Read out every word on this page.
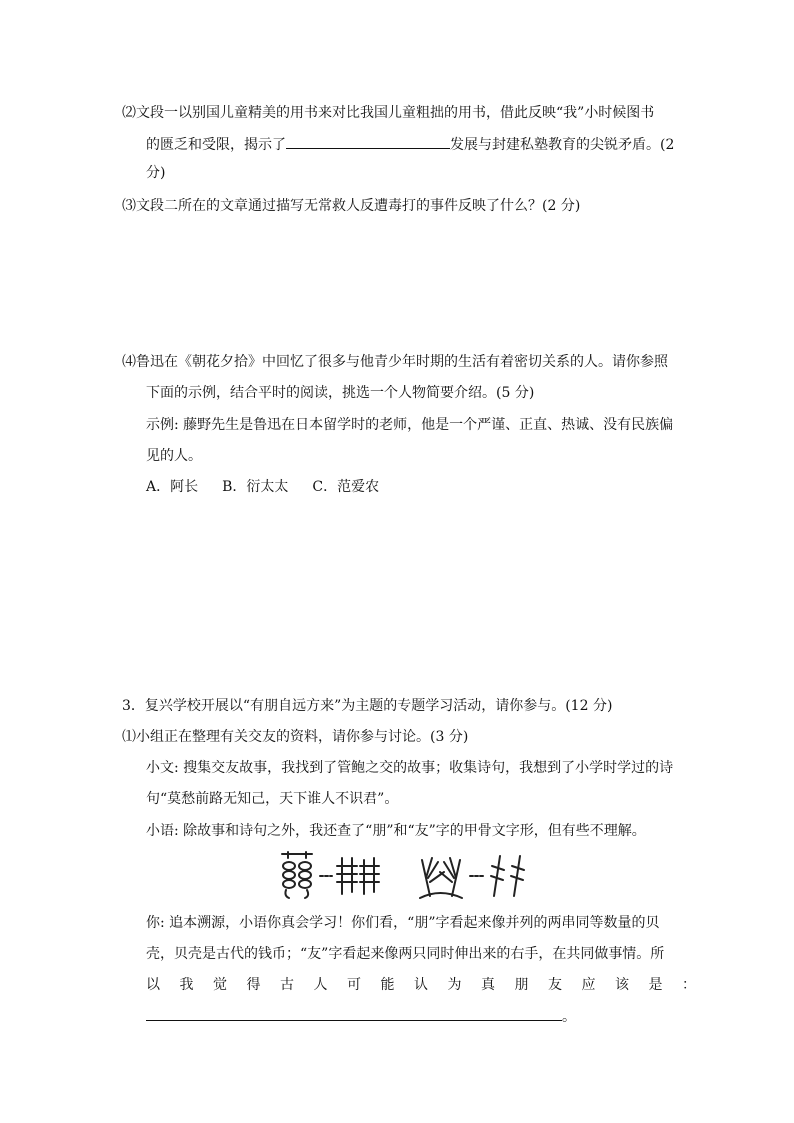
⑵文段一以别国儿童精美的用书来对比我国儿童粗拙的用书，借此反映“我”小时候图书
的匮乏和受限，揭示了	发展与封建私塾教育的尖锐矛盾。(2
分)
⑶文段二所在的文章通过描写无常救人反遭毒打的事件反映了什么？(2 分)
⑷鲁迅在《朝花夕拾》中回忆了很多与他青少年时期的生活有着密切关系的人。请你参照
下面的示例，结合平时的阅读，挑选一个人物简要介绍。(5 分)
示例: 藤野先生是鲁迅在日本留学时的老师，他是一个严谨、正直、热诚、没有民族偏
见的人。
A．阿长 B．衍太太 C．范爱农
3．复兴学校开展以“有朋自远方来”为主题的专题学习活动，请你参与。(12 分)
⑴小组正在整理有关交友的资料，请你参与讨论。(3 分)
小文: 搜集交友故事，我找到了管鲍之交的故事；收集诗句，我想到了小学时学过的诗
句“莫愁前路无知己，天下谁人不识君”。
小语: 除故事和诗句之外，我还查了“朋”和“友”字的甲骨文字形，但有些不理解。
你: 追本溯源，小语你真会学习！你们看，“朋”字看起来像并列的两串同等数量的贝
壳，贝壳是古代的钱币；“友”字看起来像两只同时伸出来的右手，在共同做事情。所
以我觉得古人可能认为真朋友应该是：
。
